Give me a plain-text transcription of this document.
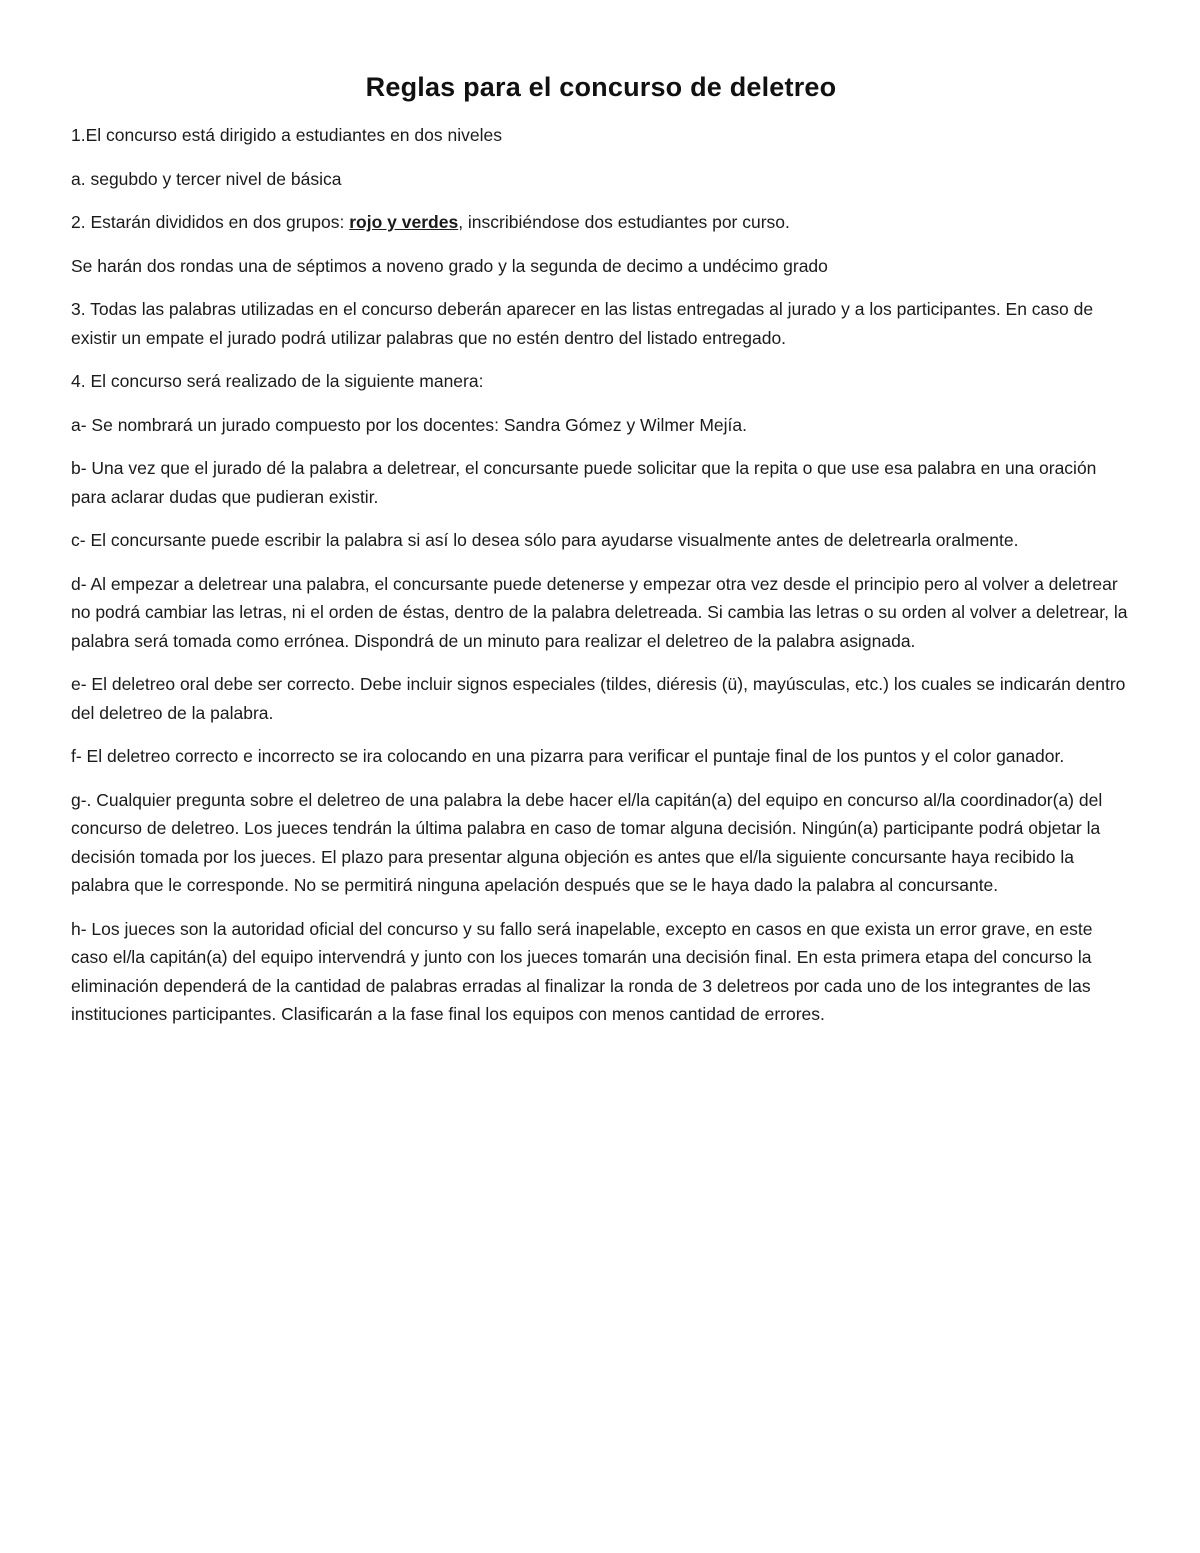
Reglas para el concurso de deletreo

1.El concurso está dirigido a estudiantes en dos niveles

a. segubdo y tercer nivel de básica

2. Estarán divididos en dos grupos: rojo y verdes, inscribiéndose dos estudiantes por curso.

Se harán dos rondas una de séptimos a noveno grado y la segunda de decimo a undécimo grado

3. Todas las palabras utilizadas en el concurso deberán aparecer en las listas entregadas al jurado y a los participantes. En caso de existir un empate el jurado podrá utilizar palabras que no estén dentro del listado entregado.

4. El concurso será realizado de la siguiente manera:

a- Se nombrará un jurado compuesto por los docentes: Sandra Gómez y Wilmer Mejía.

b- Una vez que el jurado dé la palabra a deletrear, el concursante puede solicitar que la repita o que use esa palabra en una oración para aclarar dudas que pudieran existir.

c- El concursante puede escribir la palabra si así lo desea sólo para ayudarse visualmente antes de deletrearla oralmente.

d- Al empezar a deletrear una palabra, el concursante puede detenerse y empezar otra vez desde el principio pero al volver a deletrear no podrá cambiar las letras, ni el orden de éstas, dentro de la palabra deletreada. Si cambia las letras o su orden al volver a deletrear, la palabra será tomada como errónea. Dispondrá de un minuto para realizar el deletreo de la palabra asignada.

e- El deletreo oral debe ser correcto. Debe incluir signos especiales (tildes, diéresis (ü), mayúsculas, etc.) los cuales se indicarán dentro del deletreo de la palabra.

f- El deletreo correcto e incorrecto se ira colocando en una pizarra para verificar el puntaje final de los puntos y el color ganador.

g-. Cualquier pregunta sobre el deletreo de una palabra la debe hacer el/la capitán(a) del equipo en concurso al/la coordinador(a) del concurso de deletreo. Los jueces tendrán la última palabra en caso de tomar alguna decisión. Ningún(a) participante podrá objetar la decisión tomada por los jueces. El plazo para presentar alguna objeción es antes que el/la siguiente concursante haya recibido la palabra que le corresponde. No se permitirá ninguna apelación después que se le haya dado la palabra al concursante.

h- Los jueces son la autoridad oficial del concurso y su fallo será inapelable, excepto en casos en que exista un error grave, en este caso el/la capitán(a) del equipo intervendrá y junto con los jueces tomarán una decisión final. En esta primera etapa del concurso la eliminación dependerá de la cantidad de palabras erradas al finalizar la ronda de 3 deletreos por cada uno de los integrantes de las instituciones participantes. Clasificarán a la fase final los equipos con menos cantidad de errores.
